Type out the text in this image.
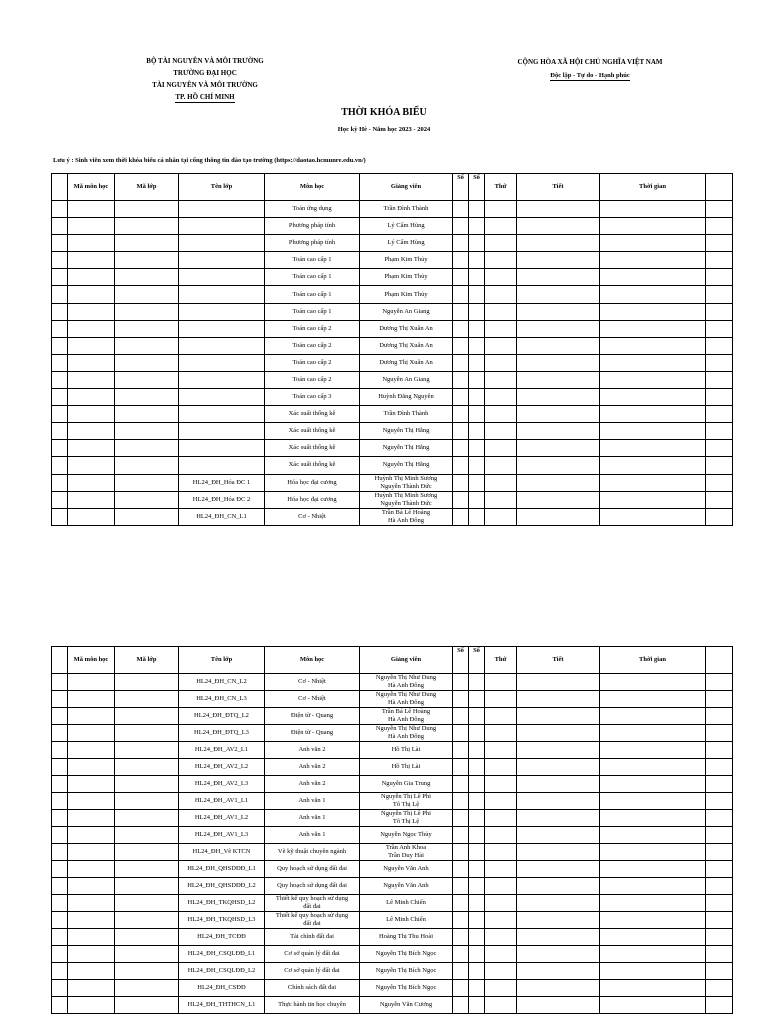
BỘ TÀI NGUYÊN VÀ MÔI TRƯỜNG
TRƯỜNG ĐẠI HỌC
TÀI NGUYÊN VÀ MÔI TRƯỜNG
TP. HỒ CHÍ MINH
CỘNG HÒA XÃ HỘI CHỦ NGHĨA VIỆT NAM
Độc lập - Tự do - Hạnh phúc
THỜI KHÓA BIỂU
Học kỳ Hè - Năm học 2023 - 2024
Lưu ý : Sinh viên xem thời khóa biểu cá nhân tại cổng thông tin đào tạo trường (https://daotao.hcmunre.edu.vn/)
	Mã môn học	Mã lớp	Tên lớp	Môn học	Giảng viên	Số	Số	Thứ	Tiết	Thời gian	
				Toán ứng dụng	Trần Đình Thành						
				Phương pháp tính	Lý Cẩm Hùng						
				Phương pháp tính	Lý Cẩm Hùng						
				Toán cao cấp 1	Phạm Kim Thủy						
				Toán cao cấp 1	Phạm Kim Thủy						
				Toán cao cấp 1	Phạm Kim Thủy						
				Toán cao cấp 1	Nguyễn An Giang						
				Toán cao cấp 2	Dương Thị Xuân An						
				Toán cao cấp 2	Dương Thị Xuân An						
				Toán cao cấp 2	Dương Thị Xuân An						
				Toán cao cấp 2	Nguyễn An Giang						
				Toán cao cấp 3	Huỳnh Đăng Nguyên						
				Xác suất thống kê	Trần Đình Thành						
				Xác suất thống kê	Nguyễn Thị Hằng						
				Xác suất thống kê	Nguyễn Thị Hằng						
				Xác suất thống kê	Nguyễn Thị Hằng						
			HL24_ĐH_Hóa ĐC 1	Hóa học đại cương	Huỳnh Thị Minh Sương
Nguyễn Thành Đức						
			HL24_ĐH_Hóa ĐC 2	Hóa học đại cương	Huỳnh Thị Minh Sương
Nguyễn Thành Đức						
			HL24_ĐH_CN_L1	Cơ - Nhiệt	Trần Bá Lê Hoàng
Hà Anh Đông						
	Mã môn học	Mã lớp	Tên lớp	Môn học	Giảng viên	Số	Số	Thứ	Tiết	Thời gian	
			HL24_ĐH_CN_L2	Cơ - Nhiệt	Nguyễn Thị Như Dung
Hà Anh Đông						
			HL24_ĐH_CN_L3	Cơ - Nhiệt	Nguyễn Thị Như Dung
Hà Anh Đông						
			HL24_ĐH_ĐTQ_L2	Điện từ - Quang	Trần Bá Lê Hoàng
Hà Anh Đông						
			HL24_ĐH_ĐTQ_L3	Điện từ - Quang	Nguyễn Thị Như Dung
Hà Anh Đông						
			HL24_ĐH_AV2_L1	Anh văn 2	Hồ Thị Lài						
			HL24_ĐH_AV2_L2	Anh văn 2	Hồ Thị Lài						
			HL24_ĐH_AV2_L3	Anh văn 2	Nguyễn Gia Trung						
			HL24_ĐH_AV1_L1	Anh văn 1	Nguyễn Thị Lê Phi
Tô Thị Lệ						
			HL24_ĐH_AV1_L2	Anh văn 1	Nguyễn Thị Lê Phi
Tô Thị Lệ						
			HL24_ĐH_AV1_L3	Anh văn 1	Nguyễn Ngọc Thủy						
			HL24_ĐH_Vẽ KTCN	Vẽ kỹ thuật chuyên ngành	Trần Anh Khoa
Trần Duy Hải						
			HL24_ĐH_QHSDĐĐ_L1	Quy hoạch sử dụng đất đai	Nguyễn Văn Anh						
			HL24_ĐH_QHSDĐĐ_L2	Quy hoạch sử dụng đất đai	Nguyễn Văn Anh						
			HL24_ĐH_TKQHSD_L2	Thiết kế quy hoạch sử dụng
đất đai	Lê Minh Chiến						
			HL24_ĐH_TKQHSD_L3	Thiết kế quy hoạch sử dụng
đất đai	Lê Minh Chiến						
			HL24_ĐH_TCĐĐ	Tài chính đất đai	Hoàng Thị Thu Hoài						
			HL24_ĐH_CSQLĐĐ_L1	Cơ sở quản lý đất đai	Nguyễn Thị Bích Ngọc						
			HL24_ĐH_CSQLĐĐ_L2	Cơ sở quản lý đất đai	Nguyễn Thị Bích Ngọc						
			HL24_ĐH_CSĐĐ	Chính sách đất đai	Nguyễn Thị Bích Ngọc						
			HL24_ĐH_THTHCN_L1	Thực hành tin học chuyên	Nguyễn Văn Cương						
